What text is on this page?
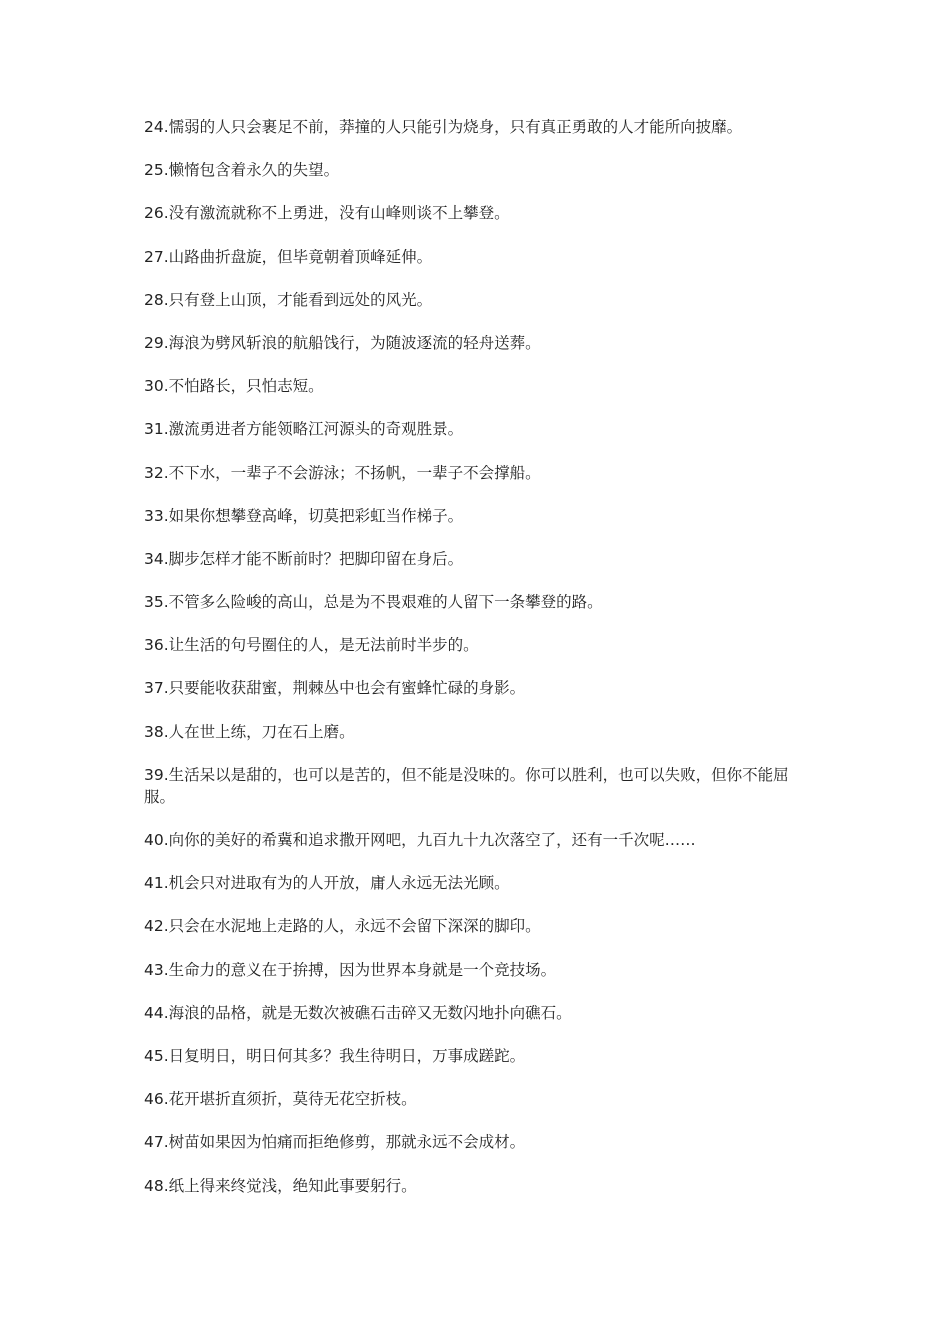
24.懦弱的人只会裹足不前，莽撞的人只能引为烧身，只有真正勇敢的人才能所向披靡。
25.懒惰包含着永久的失望。
26.没有激流就称不上勇进，没有山峰则谈不上攀登。
27.山路曲折盘旋，但毕竟朝着顶峰延伸。
28.只有登上山顶，才能看到远处的风光。
29.海浪为劈风斩浪的航船饯行，为随波逐流的轻舟送葬。
30.不怕路长，只怕志短。
31.激流勇进者方能领略江河源头的奇观胜景。
32.不下水，一辈子不会游泳；不扬帆，一辈子不会撑船。
33.如果你想攀登高峰，切莫把彩虹当作梯子。
34.脚步怎样才能不断前时？把脚印留在身后。
35.不管多么险峻的高山，总是为不畏艰难的人留下一条攀登的路。
36.让生活的句号圈住的人，是无法前时半步的。
37.只要能收获甜蜜，荆棘丛中也会有蜜蜂忙碌的身影。
38.人在世上练，刀在石上磨。
39.生活呆以是甜的，也可以是苦的，但不能是没味的。你可以胜利，也可以失败，但你不能屈服。
40.向你的美好的希冀和追求撒开网吧，九百九十九次落空了，还有一千次呢……
41.机会只对进取有为的人开放，庸人永远无法光顾。
42.只会在水泥地上走路的人，永远不会留下深深的脚印。
43.生命力的意义在于拚搏，因为世界本身就是一个竞技场。
44.海浪的品格，就是无数次被礁石击碎又无数闪地扑向礁石。
45.日复明日，明日何其多？我生待明日，万事成蹉跎。
46.花开堪折直须折，莫待无花空折枝。
47.树苗如果因为怕痛而拒绝修剪，那就永远不会成材。
48.纸上得来终觉浅，绝知此事要躬行。
